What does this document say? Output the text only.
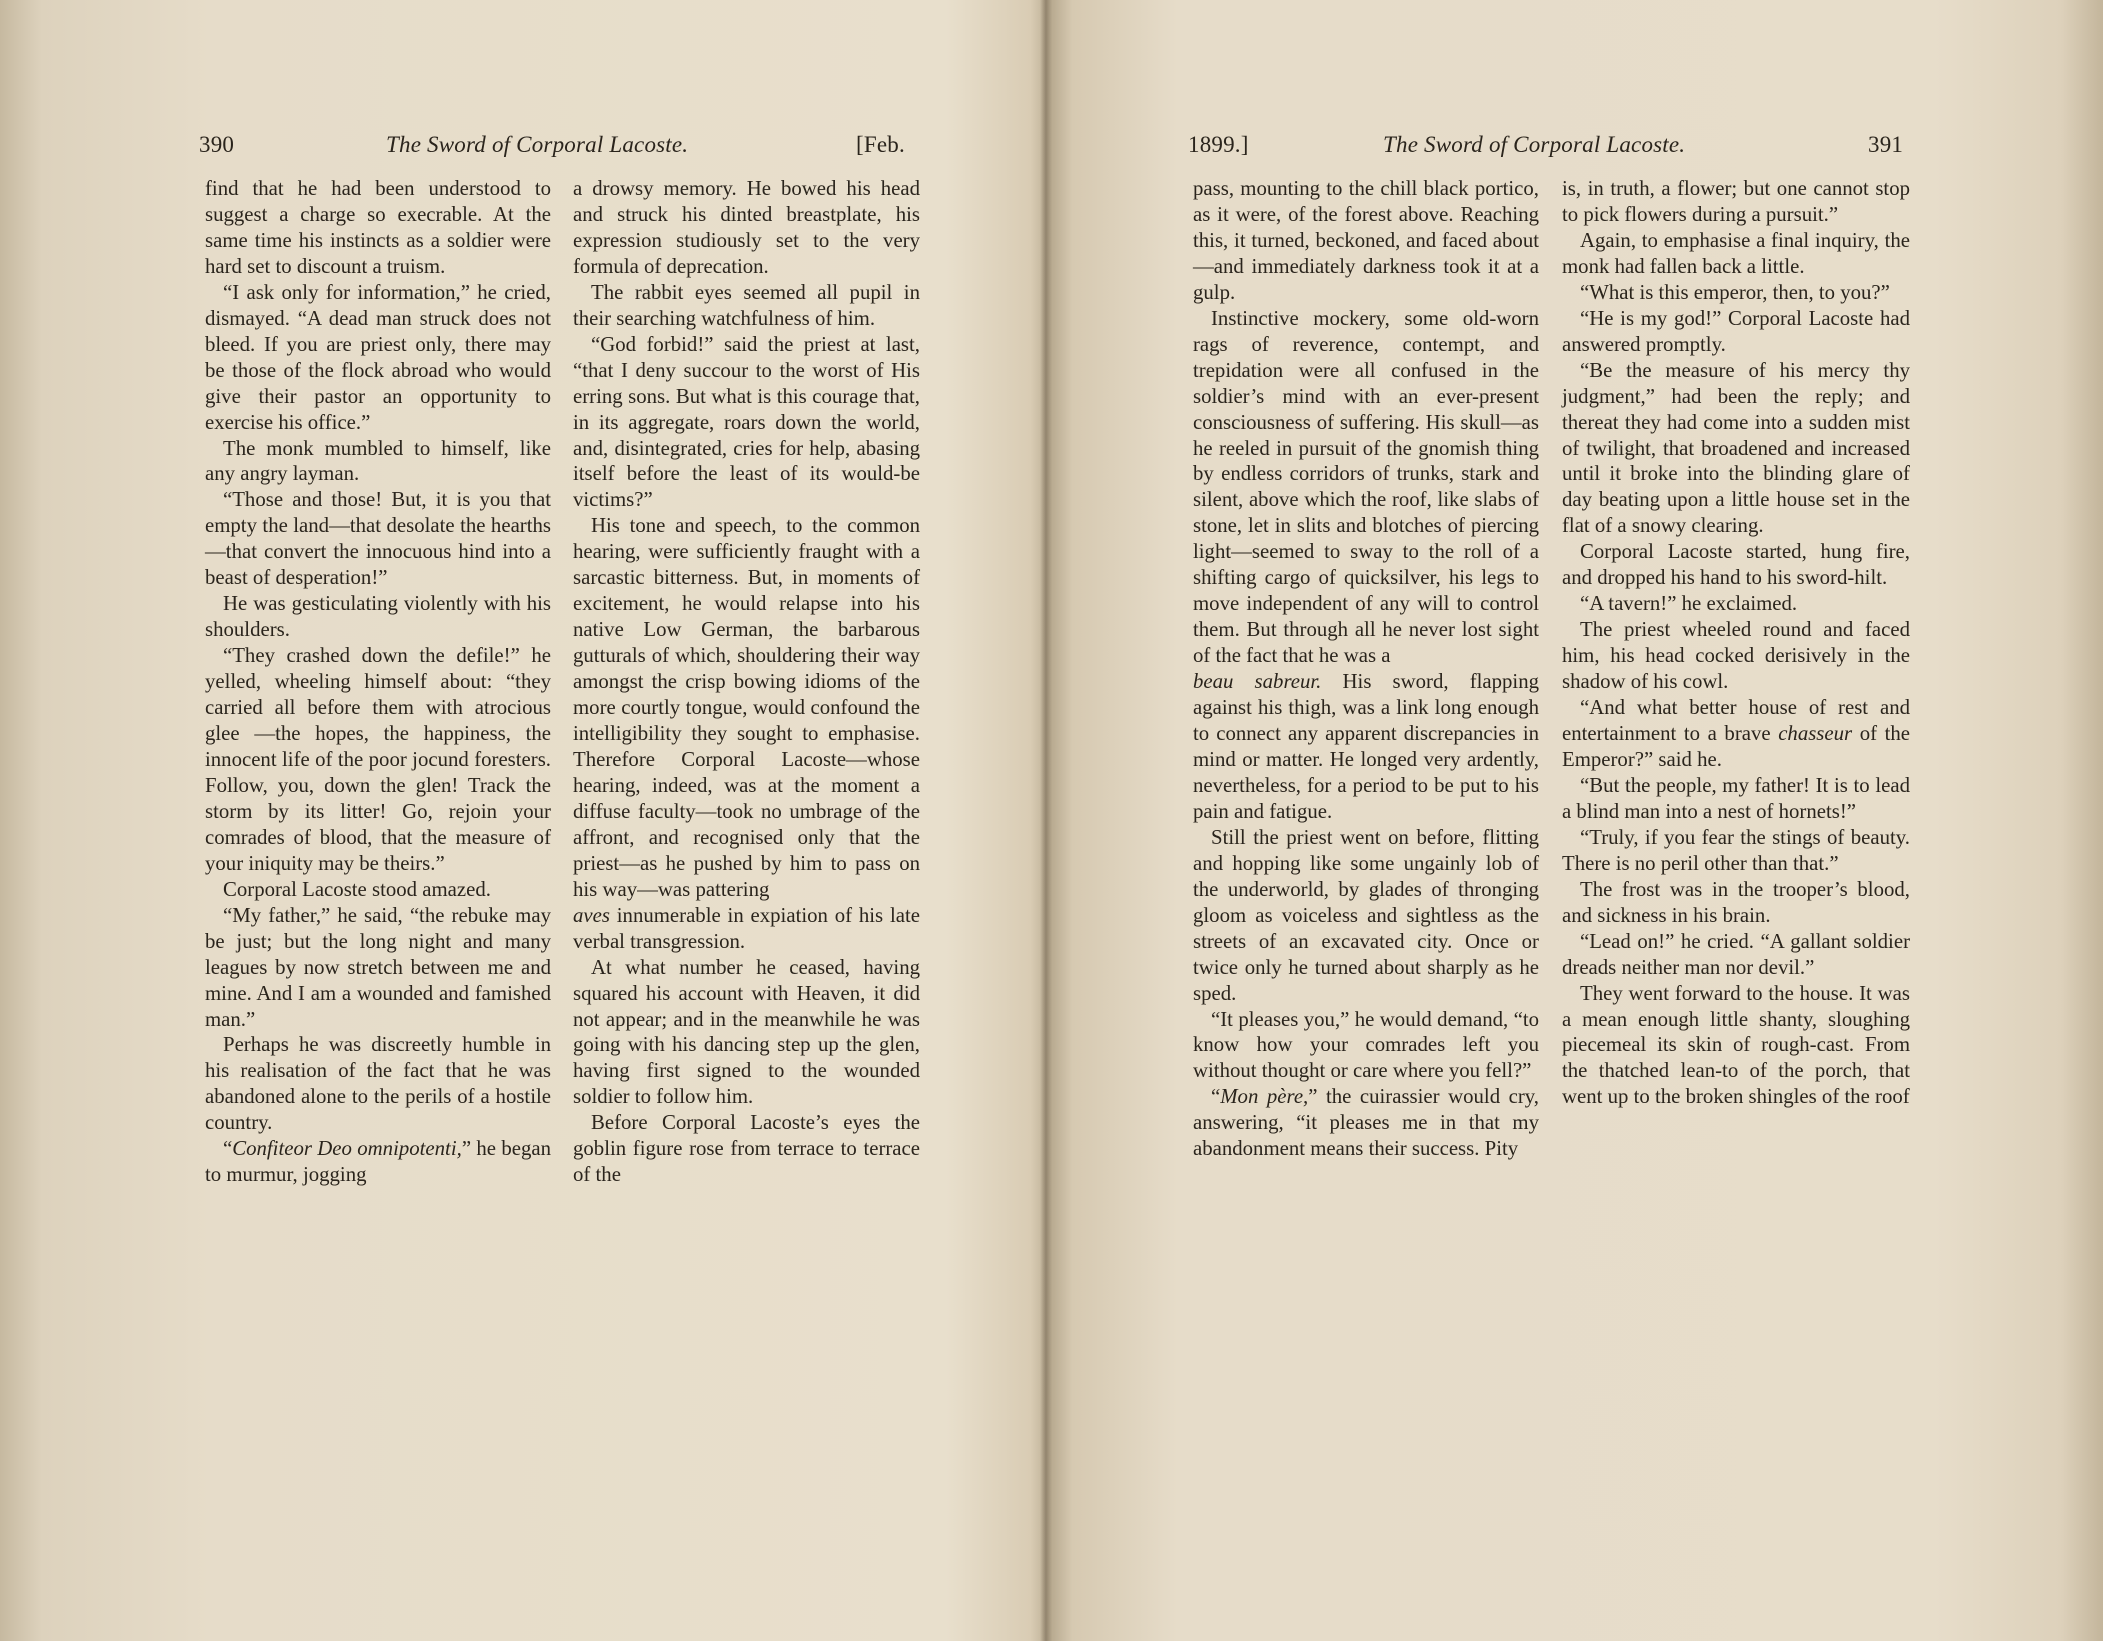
390	The Sword of Corporal Lacoste.	[Feb.

find that he had been understood to suggest a charge so execrable. At the same time his instincts as a soldier were hard set to discount a truism.

“I ask only for information,” he cried, dismayed. “A dead man struck does not bleed. If you are priest only, there may be those of the flock abroad who would give their pastor an opportunity to exercise his office.”

The monk mumbled to himself, like any angry layman.

“Those and those! But, it is you that empty the land—that desolate the hearths—that convert the innocuous hind into a beast of desperation!”

He was gesticulating violently with his shoulders.

“They crashed down the defile!” he yelled, wheeling himself about: “they carried all before them with atrocious glee —the hopes, the happiness, the innocent life of the poor jocund foresters. Follow, you, down the glen! Track the storm by its litter! Go, rejoin your comrades of blood, that the measure of your iniquity may be theirs.”

Corporal Lacoste stood amazed.

“My father,” he said, “the rebuke may be just; but the long night and many leagues by now stretch between me and mine. And I am a wounded and famished man.”

Perhaps he was discreetly humble in his realisation of the fact that he was abandoned alone to the perils of a hostile country.

“Confiteor Deo omnipotenti,” he began to murmur, jogging

a drowsy memory. He bowed his head and struck his dinted breastplate, his expression studiously set to the very formula of deprecation.

The rabbit eyes seemed all pupil in their searching watchfulness of him.

“God forbid!” said the priest at last, “that I deny succour to the worst of His erring sons. But what is this courage that, in its aggregate, roars down the world, and, disintegrated, cries for help, abasing itself before the least of its would-be victims?”

His tone and speech, to the common hearing, were sufficiently fraught with a sarcastic bitterness. But, in moments of excitement, he would relapse into his native Low German, the barbarous gutturals of which, shouldering their way amongst the crisp bowing idioms of the more courtly tongue, would confound the intelligibility they sought to emphasise. Therefore Corporal Lacoste—whose hearing, indeed, was at the moment a diffuse faculty—took no umbrage of the affront, and recognised only that the priest—as he pushed by him to pass on his way—was pattering

aves innumerable in expiation of his late verbal transgression.

At what number he ceased, having squared his account with Heaven, it did not appear; and in the meanwhile he was going with his dancing step up the glen, having first signed to the wounded soldier to follow him.

Before Corporal Lacoste’s eyes the goblin figure rose from terrace to terrace of the

1899.]	The Sword of Corporal Lacoste.	391

pass, mounting to the chill black portico, as it were, of the forest above. Reaching this, it turned, beckoned, and faced about—and immediately darkness took it at a gulp.

Instinctive mockery, some old-worn rags of reverence, contempt, and trepidation were all confused in the soldier’s mind with an ever-present consciousness of suffering. His skull—as he reeled in pursuit of the gnomish thing by endless corridors of trunks, stark and silent, above which the roof, like slabs of stone, let in slits and blotches of piercing light—seemed to sway to the roll of a shifting cargo of quicksilver, his legs to move independent of any will to control them. But through all he never lost sight of the fact that he was a

beau sabreur. His sword, flapping against his thigh, was a link long enough to connect any apparent discrepancies in mind or matter. He longed very ardently, nevertheless, for a period to be put to his pain and fatigue.

Still the priest went on before, flitting and hopping like some ungainly lob of the underworld, by glades of thronging gloom as voiceless and sightless as the streets of an excavated city. Once or twice only he turned about sharply as he sped.

“It pleases you,” he would demand, “to know how your comrades left you without thought or care where you fell?”

“Mon père,” the cuirassier would cry, answering, “it pleases me in that my abandonment means their success. Pity

is, in truth, a flower; but one cannot stop to pick flowers during a pursuit.”

Again, to emphasise a final inquiry, the monk had fallen back a little.

“What is this emperor, then, to you?”

“He is my god!” Corporal Lacoste had answered promptly.

“Be the measure of his mercy thy judgment,” had been the reply; and thereat they had come into a sudden mist of twilight, that broadened and increased until it broke into the blinding glare of day beating upon a little house set in the flat of a snowy clearing.

Corporal Lacoste started, hung fire, and dropped his hand to his sword-hilt.

“A tavern!” he exclaimed.

The priest wheeled round and faced him, his head cocked derisively in the shadow of his cowl.

“And what better house of rest and entertainment to a brave chasseur of the Emperor?” said he.

“But the people, my father! It is to lead a blind man into a nest of hornets!”

“Truly, if you fear the stings of beauty. There is no peril other than that.”

The frost was in the trooper’s blood, and sickness in his brain.

“Lead on!” he cried. “A gallant soldier dreads neither man nor devil.”

They went forward to the house. It was a mean enough little shanty, sloughing piecemeal its skin of rough-cast. From the thatched lean-to of the porch, that went up to the broken shingles of the roof
